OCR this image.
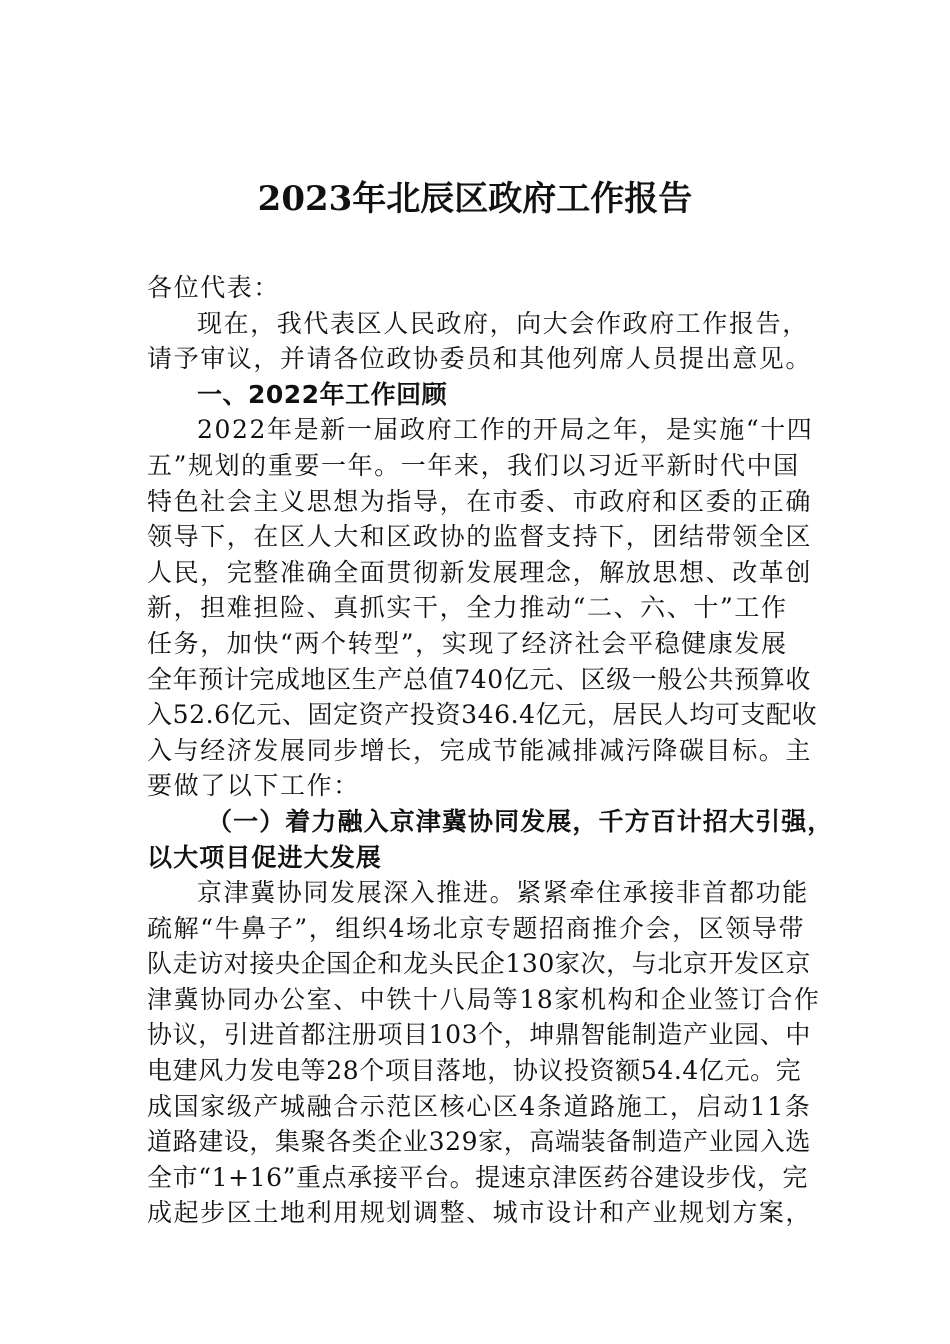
2023年北辰区政府工作报告

各位代表：

现在，我代表区人民政府，向大会作政府工作报告，

请予审议，并请各位政协委员和其他列席人员提出意见。

一、2022年工作回顾

2022年是新一届政府工作的开局之年，是实施“十四

五”规划的重要一年。一年来，我们以习近平新时代中国

特色社会主义思想为指导，在市委、市政府和区委的正确

领导下，在区人大和区政协的监督支持下，团结带领全区

人民，完整准确全面贯彻新发展理念，解放思想、改革创

新，担难担险、真抓实干，全力推动“二、六、十”工作

任务，加快“两个转型”，实现了经济社会平稳健康发展

全年预计完成地区生产总值740亿元、区级一般公共预算收

入52.6亿元、固定资产投资346.4亿元，居民人均可支配收

入与经济发展同步增长，完成节能减排减污降碳目标。主

要做了以下工作：

（一）着力融入京津冀协同发展，千方百计招大引强，

以大项目促进大发展

京津冀协同发展深入推进。紧紧牵住承接非首都功能

疏解“牛鼻子”，组织4场北京专题招商推介会，区领导带

队走访对接央企国企和龙头民企130家次，与北京开发区京

津冀协同办公室、中铁十八局等18家机构和企业签订合作

协议，引进首都注册项目103个，坤鼎智能制造产业园、中

电建风力发电等28个项目落地，协议投资额54.4亿元。完

成国家级产城融合示范区核心区4条道路施工，启动11条

道路建设，集聚各类企业329家，高端装备制造产业园入选

全市“1+16”重点承接平台。提速京津医药谷建设步伐，完

成起步区土地利用规划调整、城市设计和产业规划方案，
